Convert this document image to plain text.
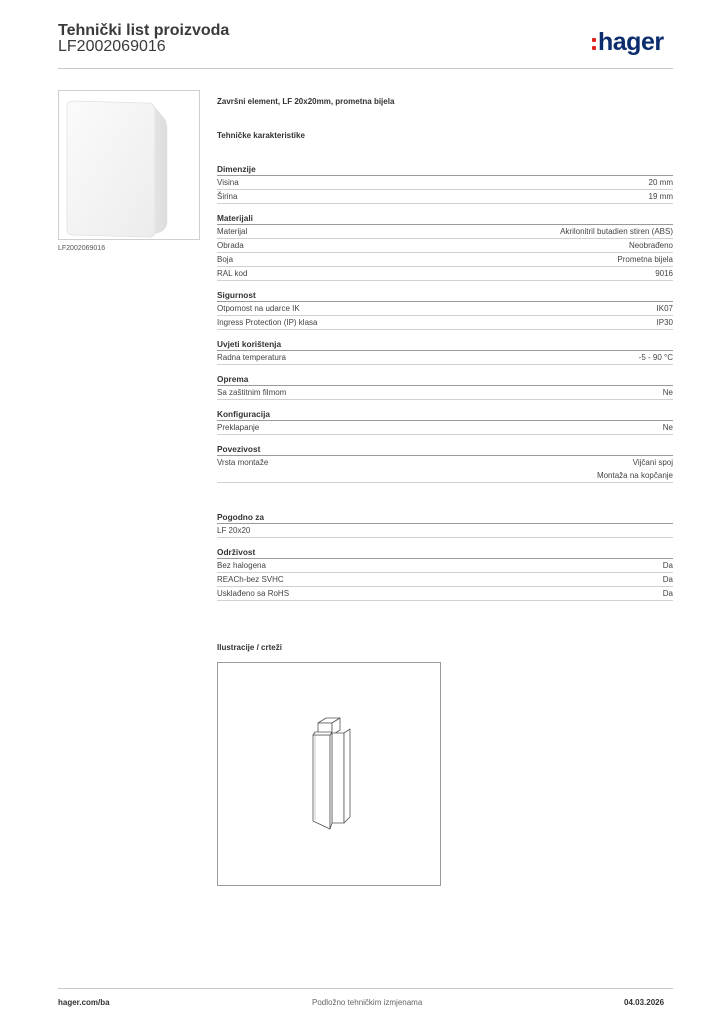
Tehnički list proizvoda
LF2002069016	hager
LF2002069016
Završni element, LF 20x20mm, prometna bijela
Tehničke karakteristike
Dimenzije
Visina	20 mm
Širina	19 mm
Materijali
Materijal	Akrilonitril butadien stiren (ABS)
Obrada	Neobrađeno
Boja	Prometna bijela
RAL kod	9016
Sigurnost
Otpornost na udarce IK	IK07
Ingress Protection (IP) klasa	IP30
Uvjeti korištenja
Radna temperatura	-5 - 90 °C
Oprema
Sa zaštitnim filmom	Ne
Konfiguracija
Preklapanje	Ne
Povezivost
Vrsta montaže	Vijčani spoj
Montaža na kopčanje
Pogodno za
LF 20x20
Održivost
Bez halogena	Da
REACh-bez SVHC	Da
Usklađeno sa RoHS	Da
Ilustracije / crteži
hager.com/ba	Podložno tehničkim izmjenama	04.03.2026
